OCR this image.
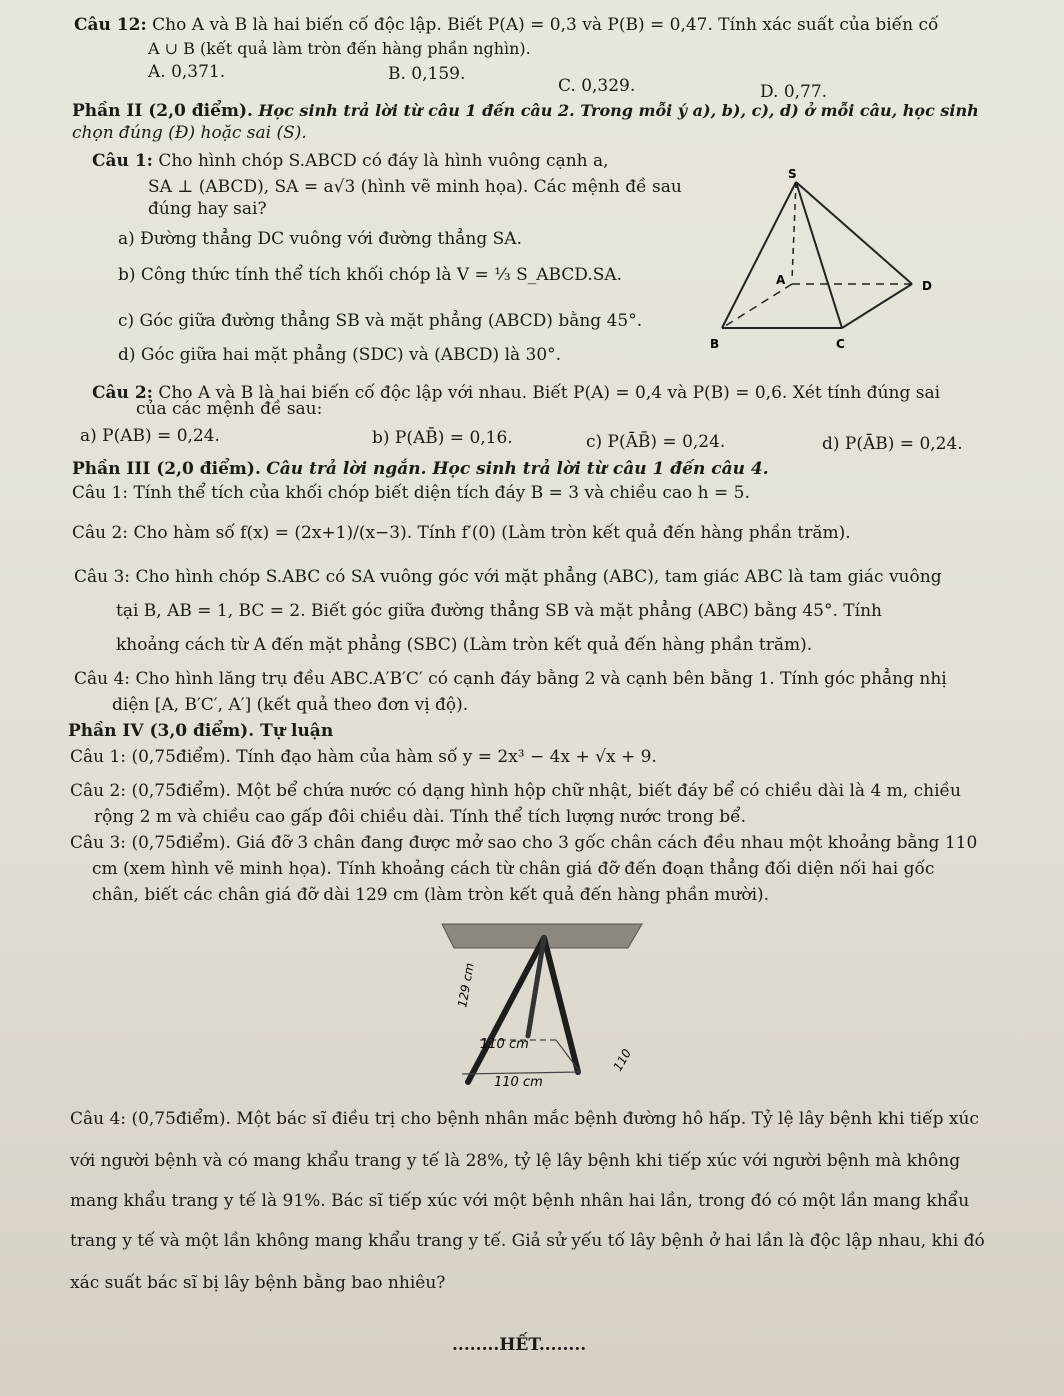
Câu 12: Cho A và B là hai biến cố độc lập. Biết P(A) = 0,3 và P(B) = 0,47. Tính xác suất của biến cố
A ∪ B (kết quả làm tròn đến hàng phần nghìn).
A. 0,371.	B. 0,159.
C. 0,329.	D. 0,77.
Phần II (2,0 điểm). Học sinh trả lời từ câu 1 đến câu 2. Trong mỗi ý a), b), c), d) ở mỗi câu, học sinh
chọn đúng (Đ) hoặc sai (S).
Câu 1: Cho hình chóp S.ABCD có đáy là hình vuông cạnh a,
SA ⊥ (ABCD), SA = a√3 (hình vẽ minh họa). Các mệnh đề sau
đúng hay sai?
a) Đường thẳng DC vuông với đường thẳng SA.
b) Công thức tính thể tích khối chóp là V = ⅓ S_ABCD.SA.
c) Góc giữa đường thẳng SB và mặt phẳng (ABCD) bằng 45°.
d) Góc giữa hai mặt phẳng (SDC) và (ABCD) là 30°.
S
A
B	C
D
Câu 2: Cho A và B là hai biến cố độc lập với nhau. Biết P(A) = 0,4 và P(B) = 0,6. Xét tính đúng sai
của các mệnh đề sau:
a) P(AB) = 0,24.	b) P(AB̄) = 0,16.	c) P(ĀB̄) = 0,24.	d) P(ĀB) = 0,24.
Phần III (2,0 điểm). Câu trả lời ngắn. Học sinh trả lời từ câu 1 đến câu 4.
Câu 1: Tính thể tích của khối chóp biết diện tích đáy B = 3 và chiều cao h = 5.
Câu 2: Cho hàm số f(x) = (2x+1)/(x−3). Tính f′(0) (Làm tròn kết quả đến hàng phần trăm).
Câu 3: Cho hình chóp S.ABC có SA vuông góc với mặt phẳng (ABC), tam giác ABC là tam giác vuông
tại B, AB = 1, BC = 2. Biết góc giữa đường thẳng SB và mặt phẳng (ABC) bằng 45°. Tính
khoảng cách từ A đến mặt phẳng (SBC) (Làm tròn kết quả đến hàng phần trăm).
Câu 4: Cho hình lăng trụ đều ABC.A′B′C′ có cạnh đáy bằng 2 và cạnh bên bằng 1. Tính góc phẳng nhị
diện [A, B′C′, A′] (kết quả theo đơn vị độ).
Phần IV (3,0 điểm). Tự luận
Câu 1: (0,75điểm). Tính đạo hàm của hàm số y = 2x³ − 4x + √x + 9.
Câu 2: (0,75điểm). Một bể chứa nước có dạng hình hộp chữ nhật, biết đáy bể có chiều dài là 4 m, chiều
rộng 2 m và chiều cao gấp đôi chiều dài. Tính thể tích lượng nước trong bể.
Câu 3: (0,75điểm). Giá đỡ 3 chân đang được mở sao cho 3 gốc chân cách đều nhau một khoảng bằng 110
cm (xem hình vẽ minh họa). Tính khoảng cách từ chân giá đỡ đến đoạn thẳng đối diện nối hai gốc
chân, biết các chân giá đỡ dài 129 cm (làm tròn kết quả đến hàng phần mười).
129 cm
110 cm
110 cm
110
Câu 4: (0,75điểm). Một bác sĩ điều trị cho bệnh nhân mắc bệnh đường hô hấp. Tỷ lệ lây bệnh khi tiếp xúc
với người bệnh và có mang khẩu trang y tế là 28%, tỷ lệ lây bệnh khi tiếp xúc với người bệnh mà không
mang khẩu trang y tế là 91%. Bác sĩ tiếp xúc với một bệnh nhân hai lần, trong đó có một lần mang khẩu
trang y tế và một lần không mang khẩu trang y tế. Giả sử yếu tố lây bệnh ở hai lần là độc lập nhau, khi đó
xác suất bác sĩ bị lây bệnh bằng bao nhiêu?
........HẾT........
